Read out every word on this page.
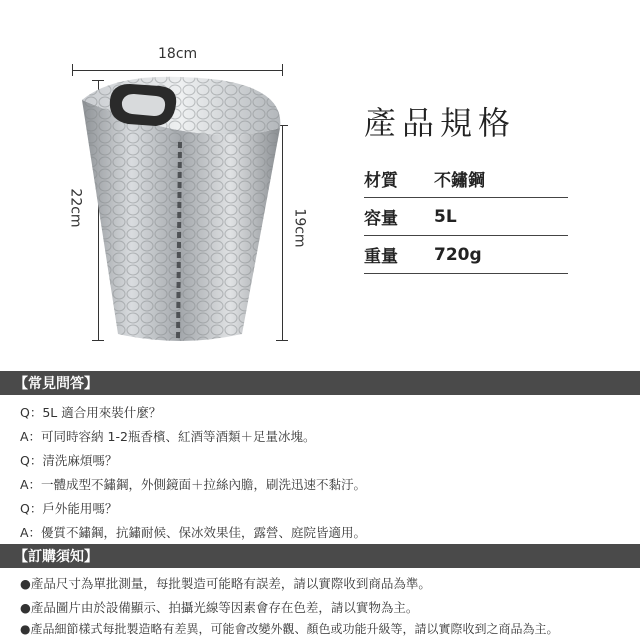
18cm
22cm
19cm
產品規格
材質	不鏽鋼
容量	5L
重量	720g
【常見問答】
Q：5L 適合用來裝什麼？
A：可同時容納 1-2瓶香檳、紅酒等酒類＋足量冰塊。
Q：清洗麻煩嗎？
A：一體成型不鏽鋼，外側鏡面＋拉絲內膽，刷洗迅速不黏汙。
Q：戶外能用嗎？
A：優質不鏽鋼，抗鏽耐候、保冰效果佳，露營、庭院皆適用。
【訂購須知】
●產品尺寸為單批測量，每批製造可能略有誤差，請以實際收到商品為準。
●產品圖片由於設備顯示、拍攝光線等因素會存在色差，請以實物為主。
●產品細節樣式每批製造略有差異，可能會改變外觀、顏色或功能升級等，請以實際收到之商品為主。
